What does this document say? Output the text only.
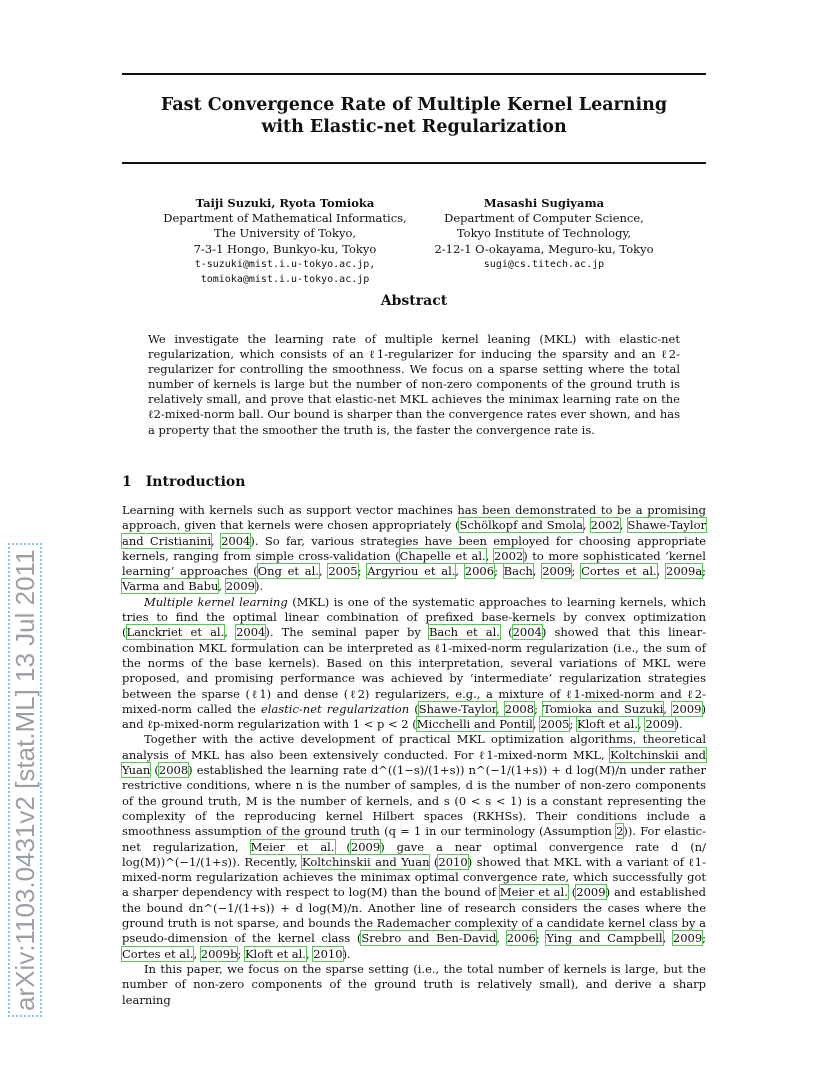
arXiv:1103.0431v2 [stat.ML] 13 Jul 2011
Fast Convergence Rate of Multiple Kernel Learning
with Elastic-net Regularization
Taiji Suzuki, Ryota Tomioka
Department of Mathematical Informatics,
The University of Tokyo,
7-3-1 Hongo, Bunkyo-ku, Tokyo
t-suzuki@mist.i.u-tokyo.ac.jp,
tomioka@mist.i.u-tokyo.ac.jp
Masashi Sugiyama
Department of Computer Science,
Tokyo Institute of Technology,
2-12-1 O-okayama, Meguro-ku, Tokyo
sugi@cs.titech.ac.jp
Abstract
We investigate the learning rate of multiple kernel leaning (MKL) with elastic-net regularization, which consists of an ℓ1-regularizer for inducing the sparsity and an ℓ2-regularizer for controlling the smoothness. We focus on a sparse setting where the total number of kernels is large but the number of non-zero components of the ground truth is relatively small, and prove that elastic-net MKL achieves the minimax learning rate on the ℓ2-mixed-norm ball. Our bound is sharper than the convergence rates ever shown, and has a property that the smoother the truth is, the faster the convergence rate is.
1 Introduction

Learning with kernels such as support vector machines has been demonstrated to be a promising approach, given that kernels were chosen appropriately (Schölkopf and Smola, 2002, Shawe-Taylor and Cristianini, 2004). So far, various strategies have been employed for choosing appropriate kernels, ranging from simple cross-validation (Chapelle et al., 2002) to more sophisticated ‘kernel learning’ approaches (Ong et al., 2005; Argyriou et al., 2006; Bach, 2009; Cortes et al., 2009a; Varma and Babu, 2009).

Multiple kernel learning (MKL) is one of the systematic approaches to learning kernels, which tries to find the optimal linear combination of prefixed base-kernels by convex optimization (Lanckriet et al., 2004). The seminal paper by Bach et al. (2004) showed that this linear-combination MKL formulation can be interpreted as ℓ1-mixed-norm regularization (i.e., the sum of the norms of the base kernels). Based on this interpretation, several variations of MKL were proposed, and promising performance was achieved by ‘intermediate’ regularization strategies between the sparse (ℓ1) and dense (ℓ2) regularizers, e.g., a mixture of ℓ1-mixed-norm and ℓ2-mixed-norm called the elastic-net regularization (Shawe-Taylor, 2008; Tomioka and Suzuki, 2009) and ℓp-mixed-norm regularization with 1 < p < 2 (Micchelli and Pontil, 2005; Kloft et al., 2009).

Together with the active development of practical MKL optimization algorithms, theoretical analysis of MKL has also been extensively conducted. For ℓ1-mixed-norm MKL, Koltchinskii and Yuan (2008) established the learning rate d^((1−s)/(1+s)) n^(−1/(1+s)) + d log(M)/n under rather restrictive conditions, where n is the number of samples, d is the number of non-zero components of the ground truth, M is the number of kernels, and s (0 < s < 1) is a constant representing the complexity of the reproducing kernel Hilbert spaces (RKHSs). Their conditions include a smoothness assumption of the ground truth (q = 1 in our terminology (Assumption 2)). For elastic-net regularization, Meier et al. (2009) gave a near optimal convergence rate d (n/ log(M))^(−1/(1+s)). Recently, Koltchinskii and Yuan (2010) showed that MKL with a variant of ℓ1-mixed-norm regularization achieves the minimax optimal convergence rate, which successfully got a sharper dependency with respect to log(M) than the bound of Meier et al. (2009) and established the bound dn^(−1/(1+s)) + d log(M)/n. Another line of research considers the cases where the ground truth is not sparse, and bounds the Rademacher complexity of a candidate kernel class by a pseudo-dimension of the kernel class (Srebro and Ben-David, 2006; Ying and Campbell, 2009; Cortes et al., 2009b; Kloft et al., 2010).

In this paper, we focus on the sparse setting (i.e., the total number of kernels is large, but the number of non-zero components of the ground truth is relatively small), and derive a sharp learning
